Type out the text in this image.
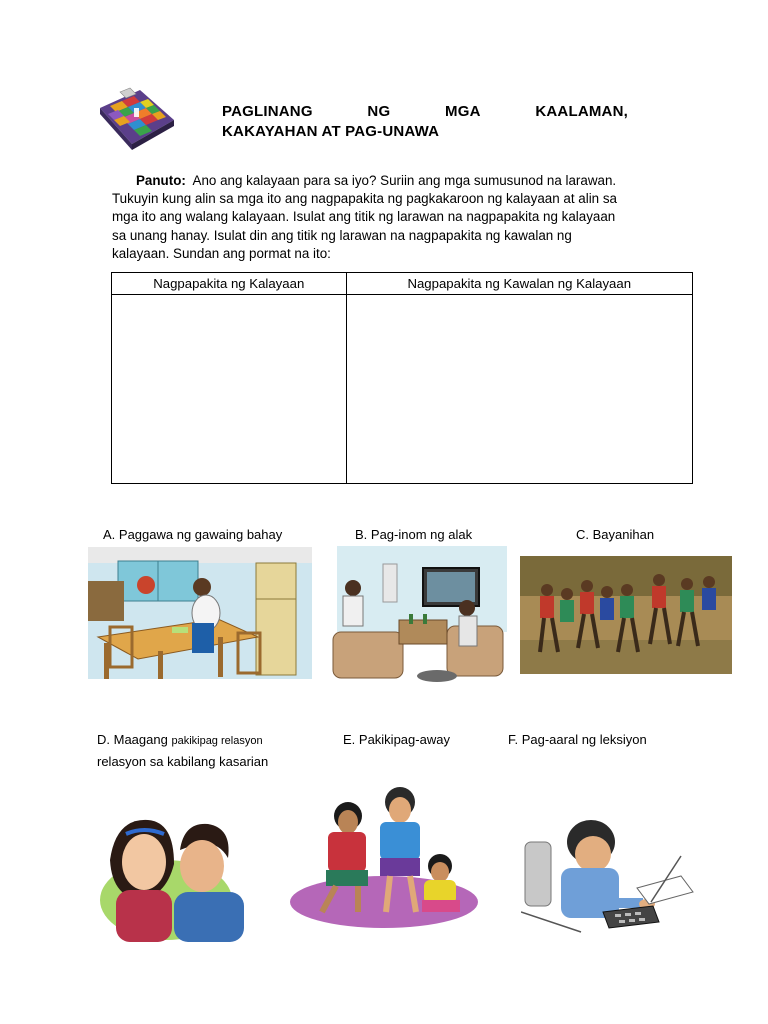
PAGLINANG	NG	MGA	KAALAMAN,
KAKAYAHAN AT PAG-UNAWA
Panuto: Ano ang kalayaan para sa iyo? Suriin ang mga sumusunod na larawan. Tukuyin kung alin sa mga ito ang nagpapakita ng pagkakaroon ng kalayaan at alin sa mga ito ang walang kalayaan. Isulat ang titik ng larawan na nagpapakita ng kalayaan sa unang hanay. Isulat din ang titik ng larawan na nagpapakita ng kawalan ng kalayaan. Sundan ang pormat na ito:
Nagpapakita ng Kalayaan	Nagpapakita ng Kawalan ng Kalayaan

A. Paggawa ng gawaing bahay	B. Pag-inom ng alak	C. Bayanihan
D. Maagang pakikipag relasyon
relasyon sa kabilang kasarian
E. Pakikipag-away	F. Pag-aaral ng leksiyon
